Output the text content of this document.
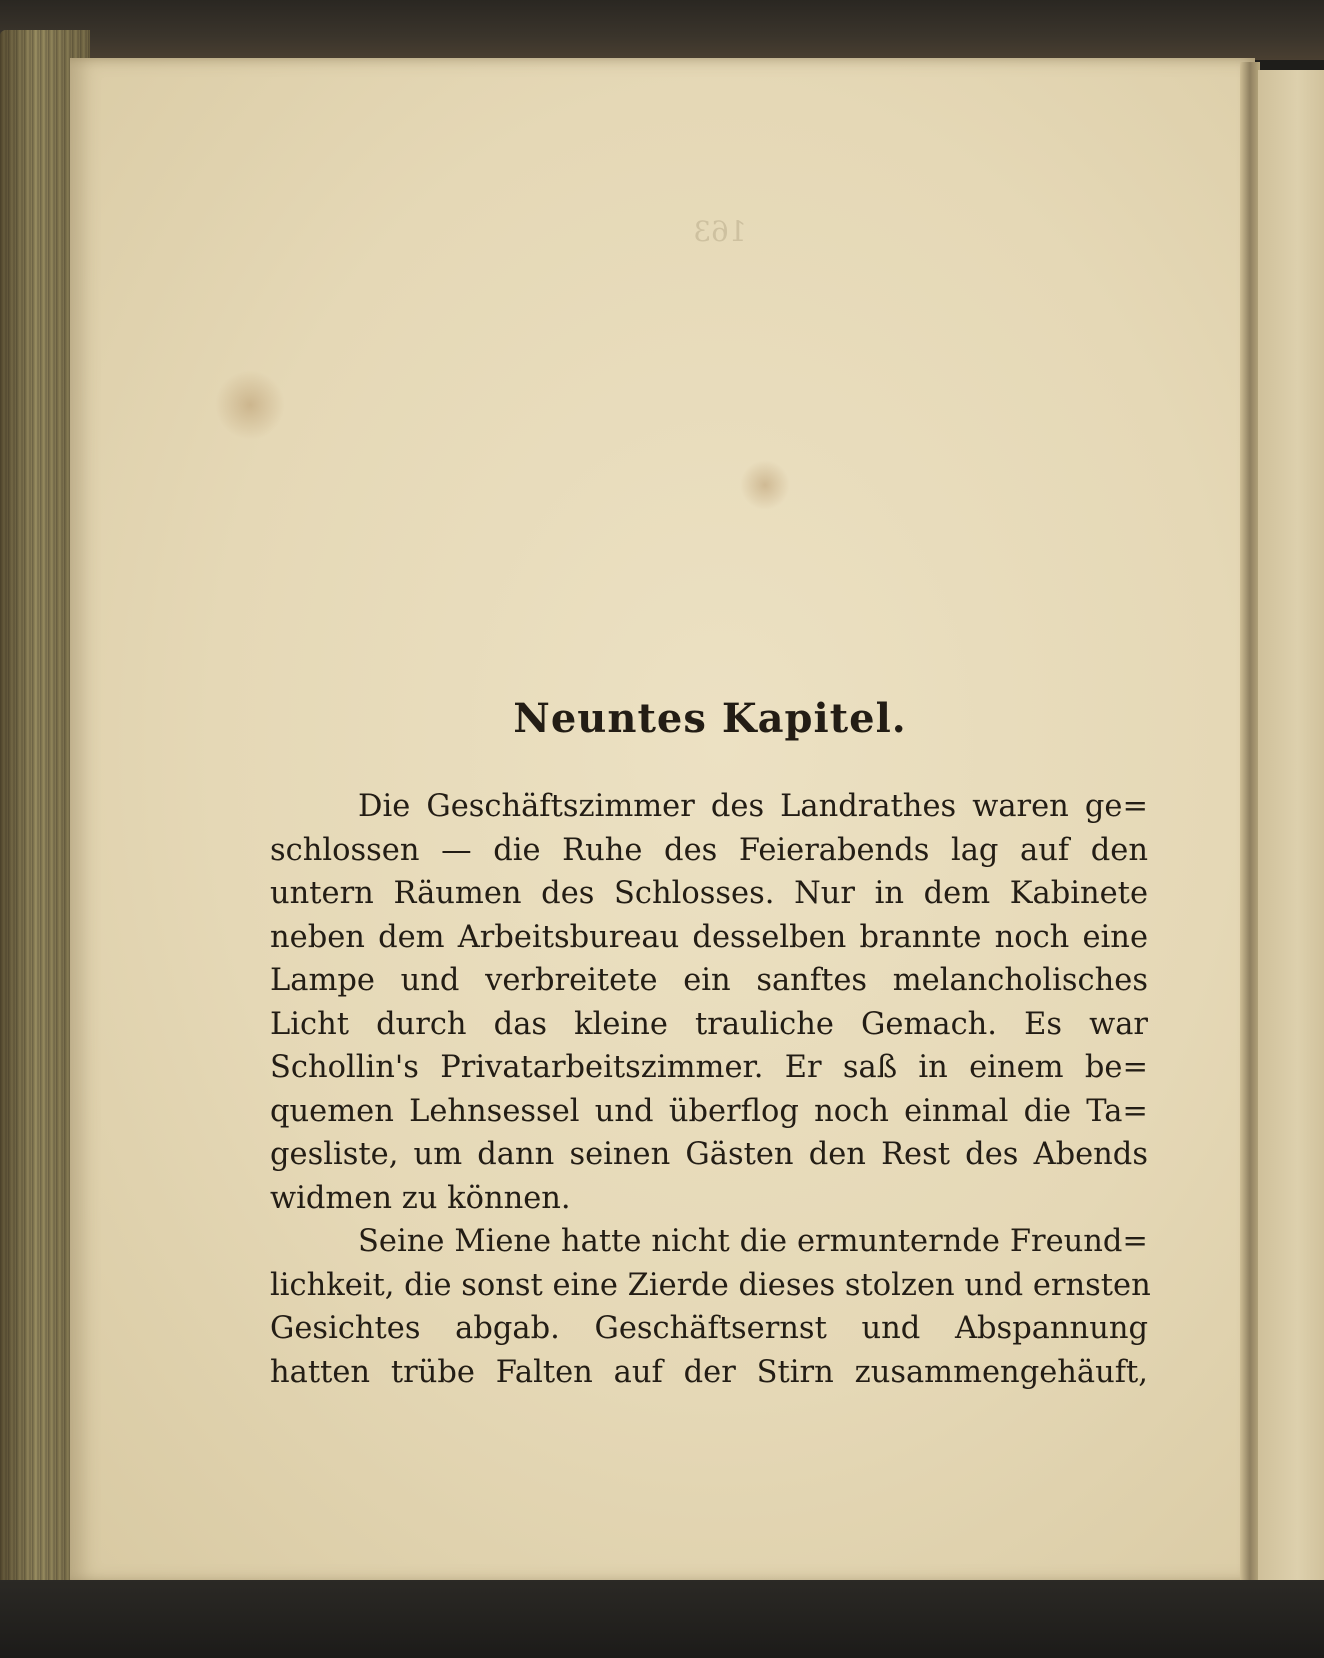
163
Neuntes Kapitel.
Die Geschäftszimmer des Landrathes waren ge=
schlossen — die Ruhe des Feierabends lag auf den
untern Räumen des Schlosses. Nur in dem Kabinete
neben dem Arbeitsbureau desselben brannte noch eine
Lampe und verbreitete ein sanftes melancholisches
Licht durch das kleine trauliche Gemach. Es war
Schollin's Privatarbeitszimmer. Er saß in einem be=
quemen Lehnsessel und überflog noch einmal die Ta=
gesliste, um dann seinen Gästen den Rest des Abends
widmen zu können.
Seine Miene hatte nicht die ermunternde Freund=
lichkeit, die sonst eine Zierde dieses stolzen und ernsten
Gesichtes abgab. Geschäftsernst und Abspannung
hatten trübe Falten auf der Stirn zusammengehäuft,
